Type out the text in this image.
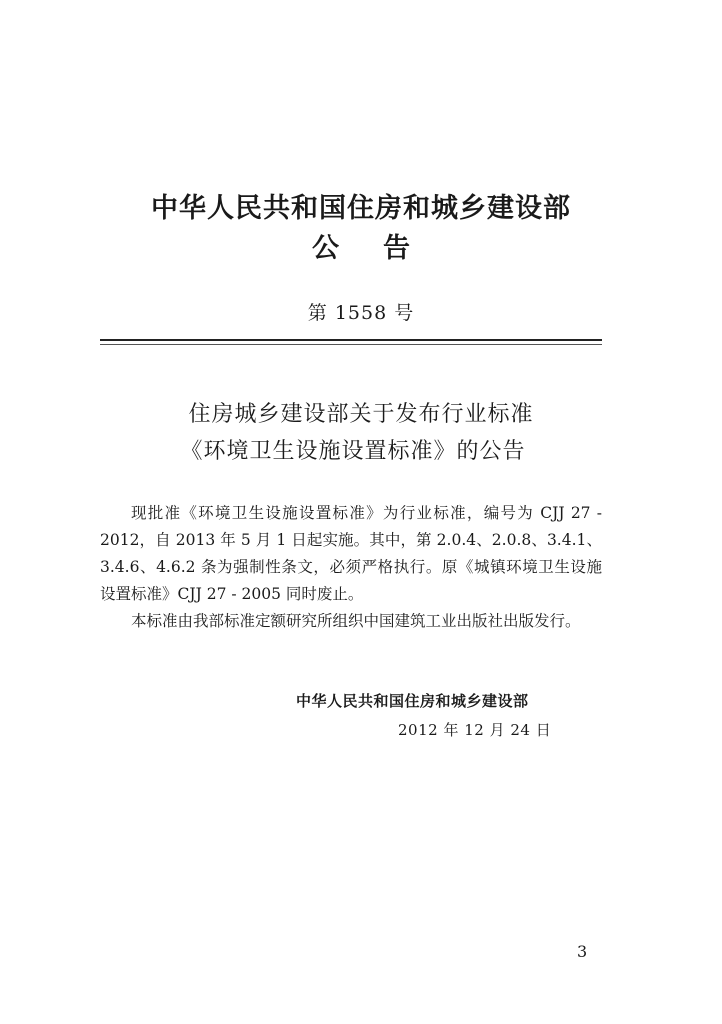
中华人民共和国住房和城乡建设部
公告
第 1558 号
住房城乡建设部关于发布行业标准
《环境卫生设施设置标准》的公告

现批准《环境卫生设施设置标准》为行业标准，编号为 CJJ 27 - 2012，自 2013 年 5 月 1 日起实施。其中，第 2.0.4、2.0.8、3.4.1、3.4.6、4.6.2 条为强制性条文，必须严格执行。原《城镇环境卫生设施设置标准》CJJ 27 - 2005 同时废止。

本标准由我部标准定额研究所组织中国建筑工业出版社出版发行。

中华人民共和国住房和城乡建设部
2012 年 12 月 24 日
3
